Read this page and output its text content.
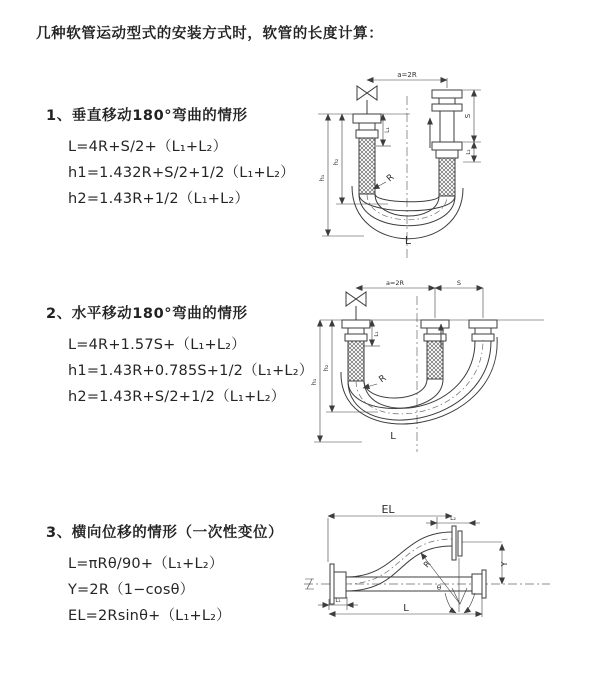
几种软管运动型式的安装方式时，软管的长度计算：
1、垂直移动180°弯曲的情形
L=4R+S/2+（L₁+L₂）
h1=1.432R+S/2+1/2（L₁+L₂）
h2=1.43R+1/2（L₁+L₂）
2、水平移动180°弯曲的情形
L=4R+1.57S+（L₁+L₂）
h1=1.43R+0.785S+1/2（L₁+L₂）
h2=1.43R+S/2+1/2（L₁+L₂）
3、横向位移的情形（一次性变位）
L=πRθ/90+（L₁+L₂）
Y=2R（1−cosθ）
EL=2Rsinθ+（L₁+L₂）
a=2R
h₁
h₂
L₁
S
L₂
R
L
a=2R	S
h₁
h₂
L₁
R
L
EL
L₂
Y
R
θ
L₁
L
